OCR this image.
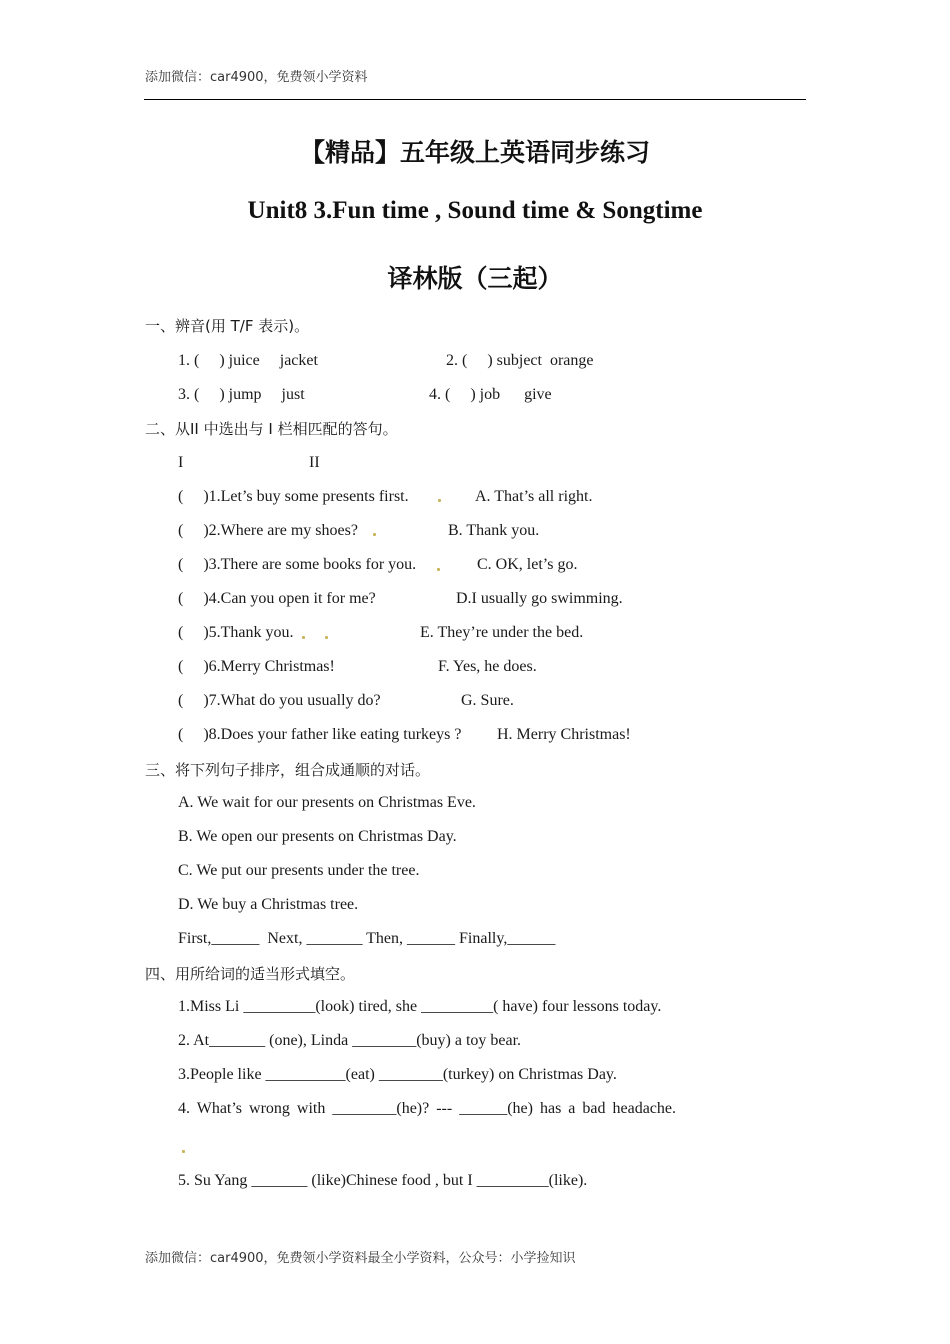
添加微信：car4900，免费领小学资料
【精品】五年级上英语同步练习
Unit8 3.Fun time , Sound time & Songtime
译林版（三起）
一、辨音(用 T/F 表示)。
1. (     ) juice     jacket	2. (     ) subject  orange
3. (     ) jump     just	4. (     ) job      give
二、从II 中选出与 I 栏相匹配的答句。
I	II
(     )1.Let’s buy some presents first.	A. That’s all right.
(     )2.Where are my shoes?	B. Thank you.
(     )3.There are some books for you.	C. OK, let’s go.
(     )4.Can you open it for me?	D.I usually go swimming.
(     )5.Thank you.	E. They’re under the bed.
(     )6.Merry Christmas!	F. Yes, he does.
(     )7.What do you usually do?	G. Sure.
(     )8.Does your father like eating turkeys ? H. Merry Christmas!
三、将下列句子排序，组合成通顺的对话。
A. We wait for our presents on Christmas Eve.
B. We open our presents on Christmas Day.
C. We put our presents under the tree.
D. We buy a Christmas tree.
First,______  Next, _______ Then, ______ Finally,______
四、用所给词的适当形式填空。
1.Miss Li _________(look) tired, she _________( have) four lessons today.
2. At_______ (one), Linda ________(buy) a toy bear.
3.People like __________(eat) ________(turkey) on Christmas Day.
4. What’s wrong with ________(he)? --- ______(he) has a bad headache.
5. Su Yang _______ (like)Chinese food , but I _________(like).
添加微信：car4900，免费领小学资料最全小学资料，公众号：小学捡知识
